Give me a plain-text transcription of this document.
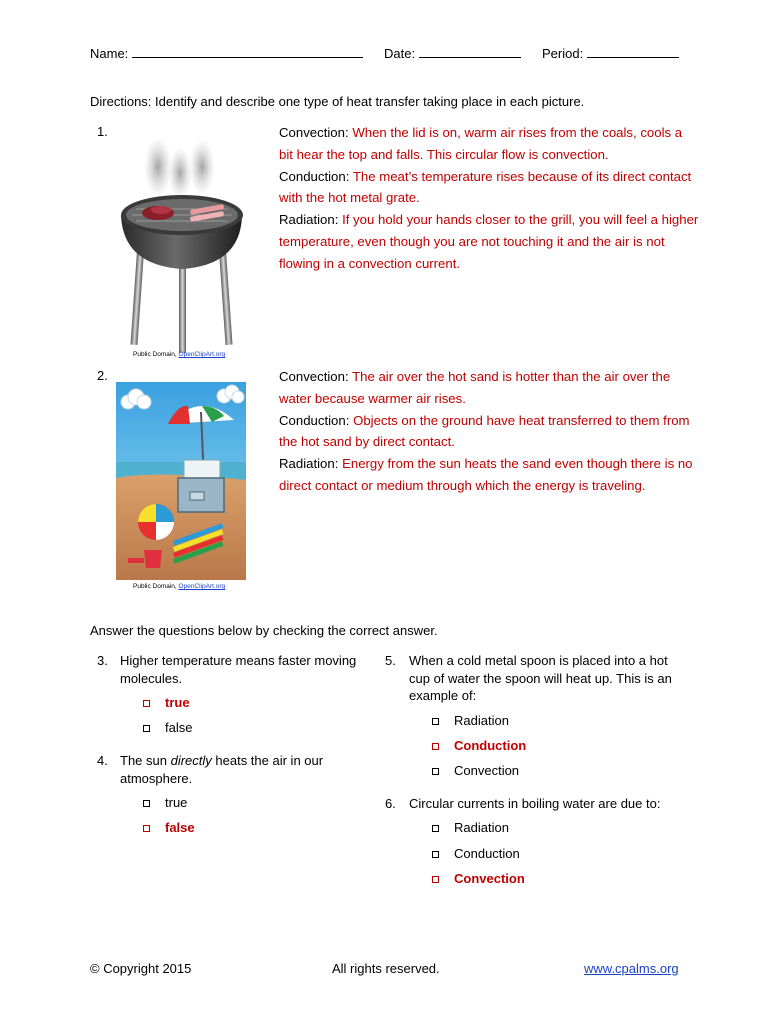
Name:	Date:	Period:
Directions: Identify and describe one type of heat transfer taking place in each picture.
1.
Public Domain, OpenClipArt.org
Convection: When the lid is on, warm air rises from the coals, cools a bit hear the top and falls. This circular flow is convection.
Conduction: The meat’s temperature rises because of its direct contact with the hot metal grate.
Radiation: If you hold your hands closer to the grill, you will feel a higher temperature, even though you are not touching it and the air is not flowing in a convection current.
2.
Public Domain, OpenClipArt.org
Convection: The air over the hot sand is hotter than the air over the water because warmer air rises.
Conduction: Objects on the ground have heat transferred to them from the hot sand by direct contact.
Radiation: Energy from the sun heats the sand even though there is no direct contact or medium through which the energy is traveling.
Answer the questions below by checking the correct answer.
3. Higher temperature means faster moving molecules.
true
false
4. The sun directly heats the air in our atmosphere.
true
false
5. When a cold metal spoon is placed into a hot cup of water the spoon will heat up. This is an example of:
Radiation
Conduction
Convection
6. Circular currents in boiling water are due to:
Radiation
Conduction
Convection
© Copyright 2015	All rights reserved.	www.cpalms.org
